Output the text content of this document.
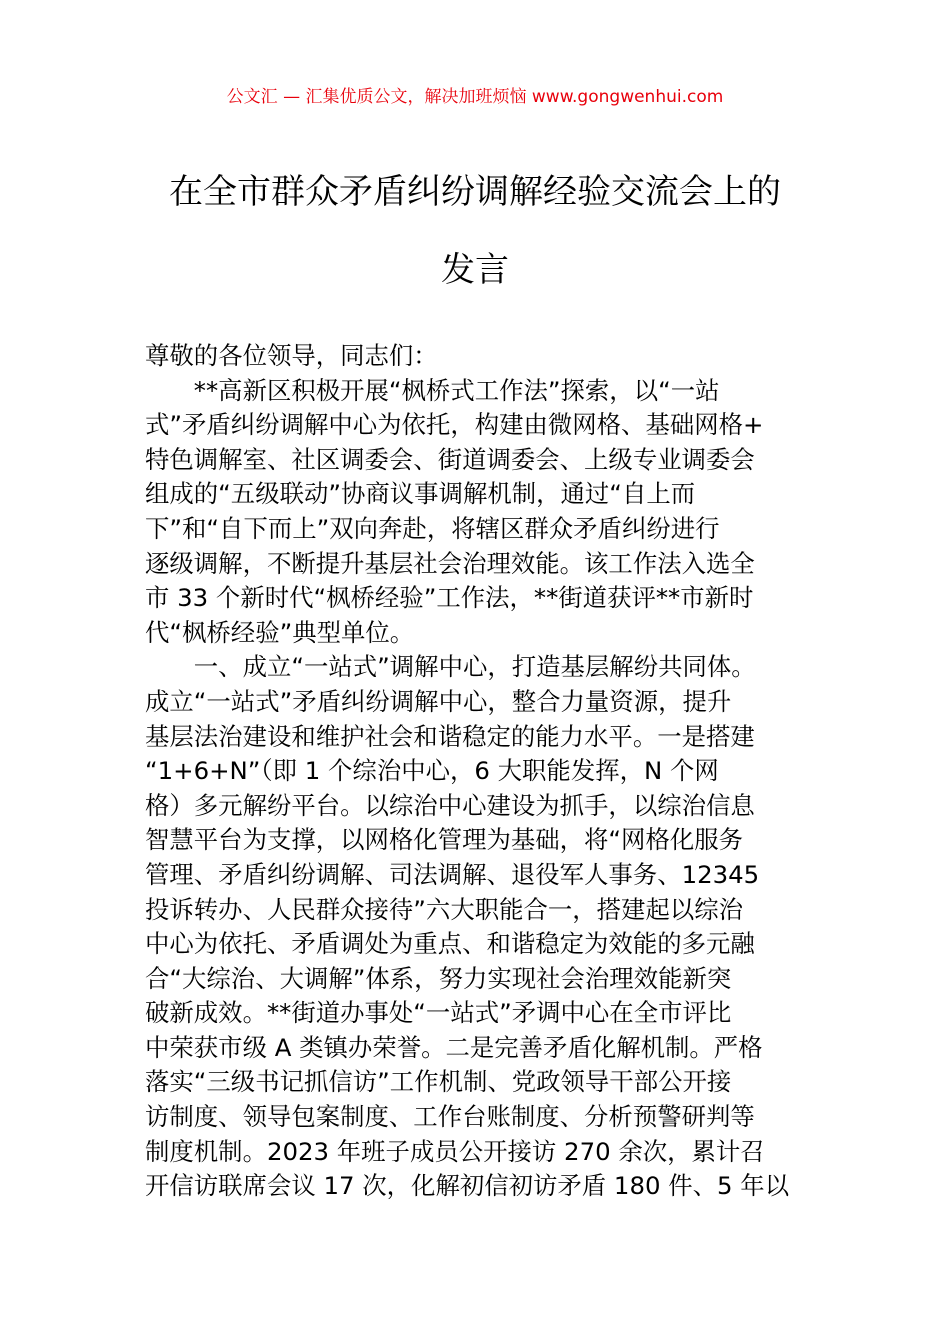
公文汇 — 汇集优质公文，解决加班烦恼 www.gongwenhui.com
在全市群众矛盾纠纷调解经验交流会上的
发言
尊敬的各位领导，同志们：
　　**高新区积极开展“枫桥式工作法”探索，以“一站
式”矛盾纠纷调解中心为依托，构建由微网格、基础网格+
特色调解室、社区调委会、街道调委会、上级专业调委会
组成的“五级联动”协商议事调解机制，通过“自上而
下”和“自下而上”双向奔赴，将辖区群众矛盾纠纷进行
逐级调解，不断提升基层社会治理效能。该工作法入选全
市 33 个新时代“枫桥经验”工作法，**街道获评**市新时
代“枫桥经验”典型单位。
　　一、成立“一站式”调解中心，打造基层解纷共同体。
成立“一站式”矛盾纠纷调解中心，整合力量资源，提升
基层法治建设和维护社会和谐稳定的能力水平。一是搭建
“1+6+N”（即 1 个综治中心，6 大职能发挥，N 个网
格）多元解纷平台。以综治中心建设为抓手，以综治信息
智慧平台为支撑，以网格化管理为基础，将“网格化服务
管理、矛盾纠纷调解、司法调解、退役军人事务、12345
投诉转办、人民群众接待”六大职能合一，搭建起以综治
中心为依托、矛盾调处为重点、和谐稳定为效能的多元融
合“大综治、大调解”体系，努力实现社会治理效能新突
破新成效。**街道办事处“一站式”矛调中心在全市评比
中荣获市级 A 类镇办荣誉。二是完善矛盾化解机制。严格
落实“三级书记抓信访”工作机制、党政领导干部公开接
访制度、领导包案制度、工作台账制度、分析预警研判等
制度机制。2023 年班子成员公开接访 270 余次，累计召
开信访联席会议 17 次，化解初信初访矛盾 180 件、5 年以
